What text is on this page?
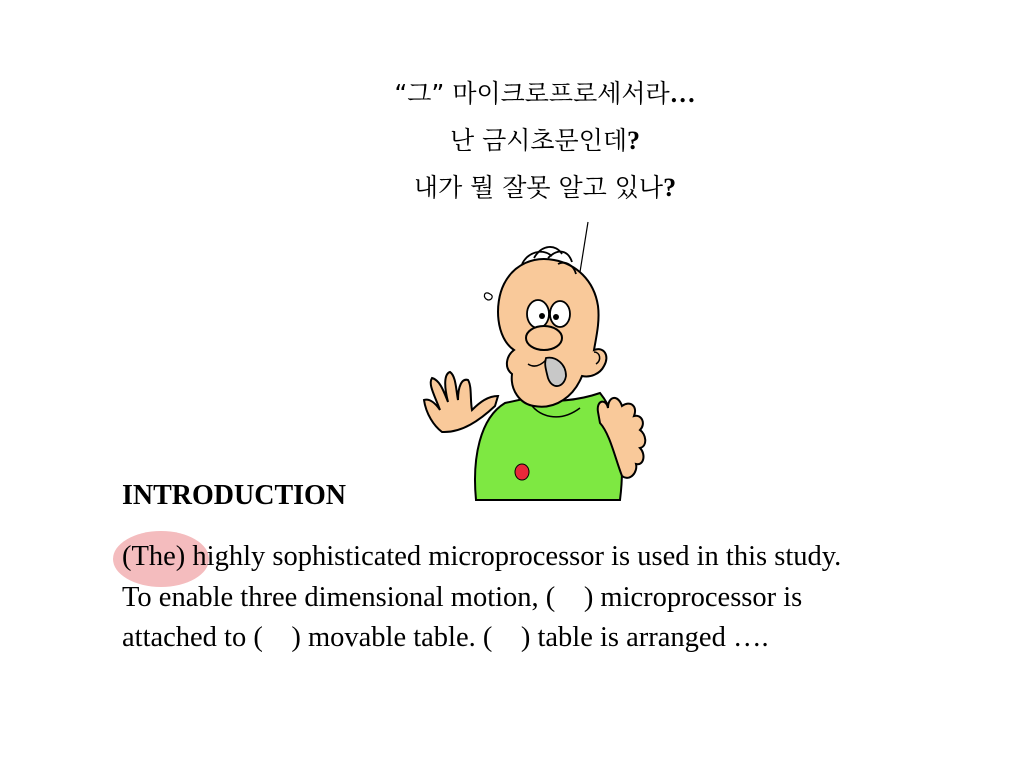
“그” 마이크로프로세서라…
난 금시초문인데?
내가 뭘 잘못 알고 있나?
INTRODUCTION

(The) highly sophisticated microprocessor is used in this study.
To enable three dimensional motion, ( ) microprocessor is
attached to ( ) movable table. ( ) table is arranged ….
